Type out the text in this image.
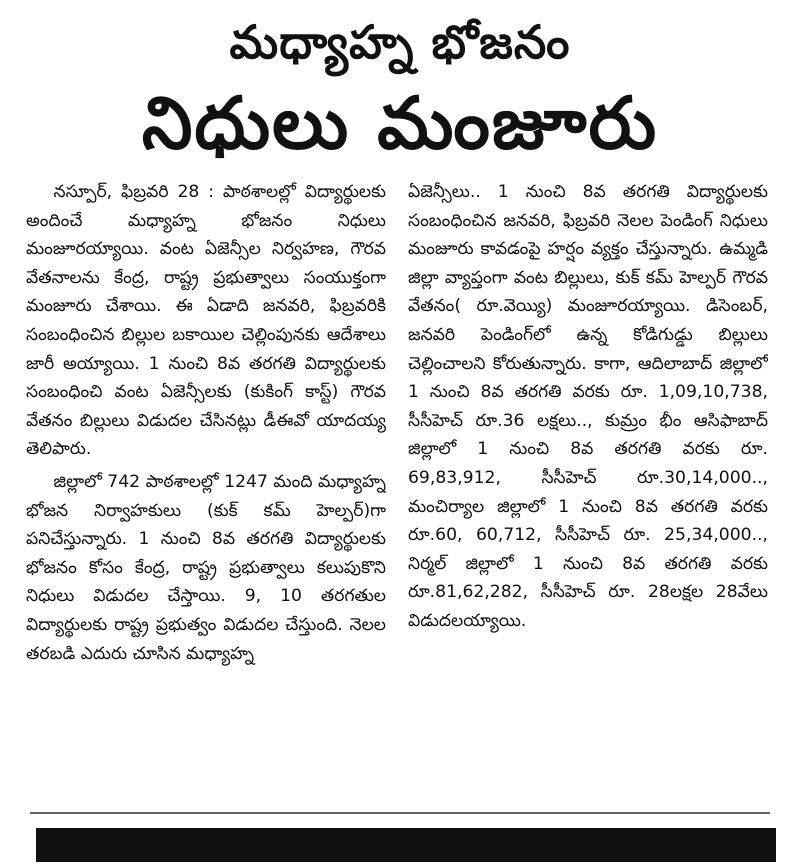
మధ్యాహ్న భోజనం
నిధులు మంజూరు

నస్పూర్, ఫిబ్రవరి 28 : పాఠశాలల్లో విద్యార్థులకు అందించే మధ్యాహ్న భోజనం నిధులు మంజూరయ్యాయి. వంట ఏజెన్సీల నిర్వహణ, గౌరవ వేతనాలను కేంద్ర, రాష్ట్ర ప్రభుత్వాలు సంయుక్తంగా మంజూరు చేశాయి. ఈ ఏడాది జనవరి, ఫిబ్రవరికి సంబంధించిన బిల్లుల బకాయిల చెల్లింపునకు ఆదేశాలు జారీ అయ్యాయి. 1 నుంచి 8వ తరగతి విద్యార్థులకు సంబంధించి వంట ఏజెన్సీలకు (కుకింగ్ కాస్ట్) గౌరవ వేతనం బిల్లులు విడుదల చేసినట్లు డీఈవో యాదయ్య తెలిపారు.

జిల్లాలో 742 పాఠశాలల్లో 1247 మంది మధ్యాహ్న భోజన నిర్వాహకులు (కుక్ కమ్ హెల్పర్)గా పనిచేస్తున్నారు. 1 నుంచి 8వ తరగతి విద్యార్థులకు భోజనం కోసం కేంద్ర, రాష్ట్ర ప్రభుత్వాలు కలుపుకొని నిధులు విడుదల చేస్తాయి. 9, 10 తరగతుల విద్యార్థులకు రాష్ట్ర ప్రభుత్వం విడుదల చేస్తుంది. నెలల తరబడి ఎదురు చూసిన మధ్యాహ్న

ఏజెన్సీలు.. 1 నుంచి 8వ తరగతి విద్యార్థులకు సంబంధించిన జనవరి, ఫిబ్రవరి నెలల పెండింగ్ నిధులు మంజూరు కావడంపై హర్షం వ్యక్తం చేస్తున్నారు. ఉమ్మడి జిల్లా వ్యాప్తంగా వంట బిల్లులు, కుక్ కమ్ హెల్పర్ గౌరవ వేతనం( రూ.వెయ్యి) మంజూరయ్యాయి. డిసెంబర్, జనవరి పెండింగ్‌లో ఉన్న కోడిగుడ్డు బిల్లులు చెల్లించాలని కోరుతున్నారు. కాగా, ఆదిలాబాద్ జిల్లాలో 1 నుంచి 8వ తరగతి వరకు రూ. 1,09,10,738, సీసీహెచ్ రూ.36 లక్షలు.., కుమ్రం భీం ఆసిఫాబాద్ జిల్లాలో 1 నుంచి 8వ తరగతి వరకు రూ. 69,83,912, సీసీహెచ్ రూ.30,14,000.., మంచిర్యాల జిల్లాలో 1 నుంచి 8వ తరగతి వరకు రూ.60, 60,712, సీసీహెచ్ రూ. 25,34,000.., నిర్మల్ జిల్లాలో 1 నుంచి 8వ తరగతి వరకు రూ.81,62,282, సీసీహెచ్ రూ. 28లక్షల 28వేలు విడుదలయ్యాయి.
